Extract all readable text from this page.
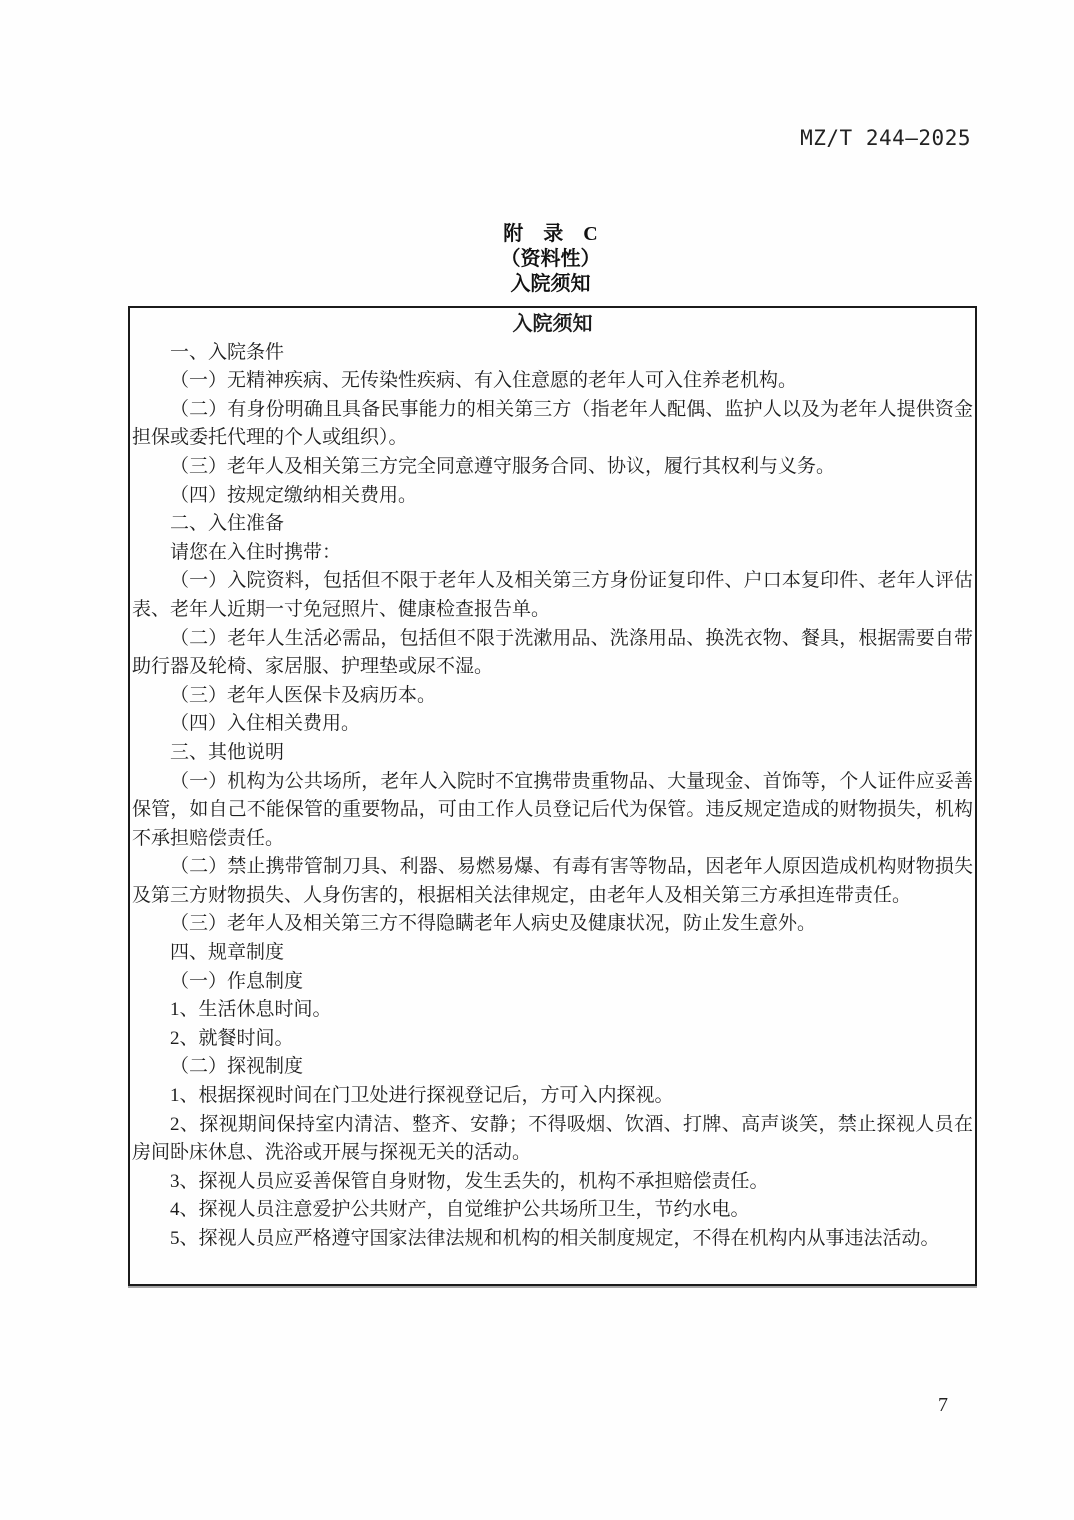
MZ/T 244—2025

附　录　C

（资料性）

入院须知

入院须知

一、入院条件

（一）无精神疾病、无传染性疾病、有入住意愿的老年人可入住养老机构。

（二）有身份明确且具备民事能力的相关第三方（指老年人配偶、监护人以及为老年人提供资金担保或委托代理的个人或组织）。

（三）老年人及相关第三方完全同意遵守服务合同、协议，履行其权利与义务。

（四）按规定缴纳相关费用。

二、入住准备

请您在入住时携带：

（一）入院资料，包括但不限于老年人及相关第三方身份证复印件、户口本复印件、老年人评估表、老年人近期一寸免冠照片、健康检查报告单。

（二）老年人生活必需品，包括但不限于洗漱用品、洗涤用品、换洗衣物、餐具，根据需要自带助行器及轮椅、家居服、护理垫或尿不湿。

（三）老年人医保卡及病历本。

（四）入住相关费用。

三、其他说明

（一）机构为公共场所，老年人入院时不宜携带贵重物品、大量现金、首饰等，个人证件应妥善保管，如自己不能保管的重要物品，可由工作人员登记后代为保管。违反规定造成的财物损失，机构不承担赔偿责任。

（二）禁止携带管制刀具、利器、易燃易爆、有毒有害等物品，因老年人原因造成机构财物损失及第三方财物损失、人身伤害的，根据相关法律规定，由老年人及相关第三方承担连带责任。

（三）老年人及相关第三方不得隐瞒老年人病史及健康状况，防止发生意外。

四、规章制度

（一）作息制度

1、生活休息时间。

2、就餐时间。

（二）探视制度

1、根据探视时间在门卫处进行探视登记后，方可入内探视。

2、探视期间保持室内清洁、整齐、安静；不得吸烟、饮酒、打牌、高声谈笑，禁止探视人员在房间卧床休息、洗浴或开展与探视无关的活动。

3、探视人员应妥善保管自身财物，发生丢失的，机构不承担赔偿责任。

4、探视人员注意爱护公共财产，自觉维护公共场所卫生，节约水电。

5、探视人员应严格遵守国家法律法规和机构的相关制度规定，不得在机构内从事违法活动。

7
